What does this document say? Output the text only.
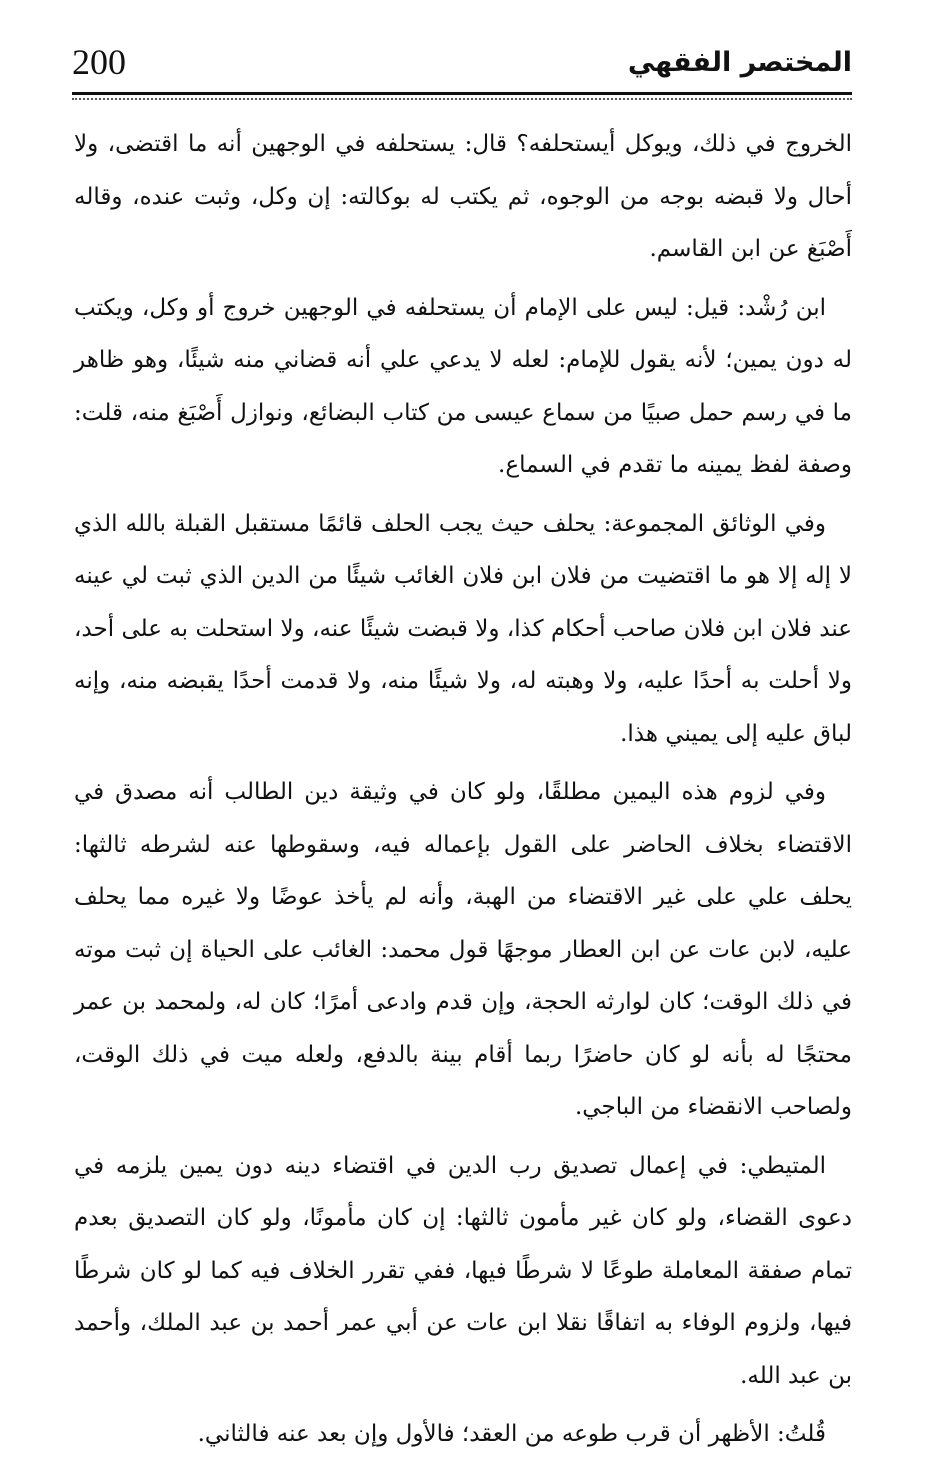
200	المختصر الفقهي

الخروج في ذلك، ويوكل أيستحلفه؟ قال: يستحلفه في الوجهين أنه ما اقتضى، ولا أحال ولا قبضه بوجه من الوجوه، ثم يكتب له بوكالته: إن وكل، وثبت عنده، وقاله أَصْبَغ عن ابن القاسم.

ابن رُشْد: قيل: ليس على الإمام أن يستحلفه في الوجهين خروج أو وكل، ويكتب له دون يمين؛ لأنه يقول للإمام: لعله لا يدعي علي أنه قضاني منه شيئًا، وهو ظاهر ما في رسم حمل صبيًا من سماع عيسى من كتاب البضائع، ونوازل أَصْبَغ منه، قلت: وصفة لفظ يمينه ما تقدم في السماع.

وفي الوثائق المجموعة: يحلف حيث يجب الحلف قائمًا مستقبل القبلة بالله الذي لا إله إلا هو ما اقتضيت من فلان ابن فلان الغائب شيئًا من الدين الذي ثبت لي عينه عند فلان ابن فلان صاحب أحكام كذا، ولا قبضت شيئًا عنه، ولا استحلت به على أحد، ولا أحلت به أحدًا عليه، ولا وهبته له، ولا شيئًا منه، ولا قدمت أحدًا يقبضه منه، وإنه لباق عليه إلى يميني هذا.

وفي لزوم هذه اليمين مطلقًا، ولو كان في وثيقة دين الطالب أنه مصدق في الاقتضاء بخلاف الحاضر على القول بإعماله فيه، وسقوطها عنه لشرطه ثالثها: يحلف علي على غير الاقتضاء من الهبة، وأنه لم يأخذ عوضًا ولا غيره مما يحلف عليه، لابن عات عن ابن العطار موجهًا قول محمد: الغائب على الحياة إن ثبت موته في ذلك الوقت؛ كان لوارثه الحجة، وإن قدم وادعى أمرًا؛ كان له، ولمحمد بن عمر محتجًا له بأنه لو كان حاضرًا ربما أقام بينة بالدفع، ولعله ميت في ذلك الوقت، ولصاحب الانقضاء من الباجي.

المتيطي: في إعمال تصديق رب الدين في اقتضاء دينه دون يمين يلزمه في دعوى القضاء، ولو كان غير مأمون ثالثها: إن كان مأمونًا، ولو كان التصديق بعدم تمام صفقة المعاملة طوعًا لا شرطًا فيها، ففي تقرر الخلاف فيه كما لو كان شرطًا فيها، ولزوم الوفاء به اتفاقًا نقلا ابن عات عن أبي عمر أحمد بن عبد الملك، وأحمد بن عبد الله.

قُلتُ: الأظهر أن قرب طوعه من العقد؛ فالأول وإن بعد عنه فالثاني.
